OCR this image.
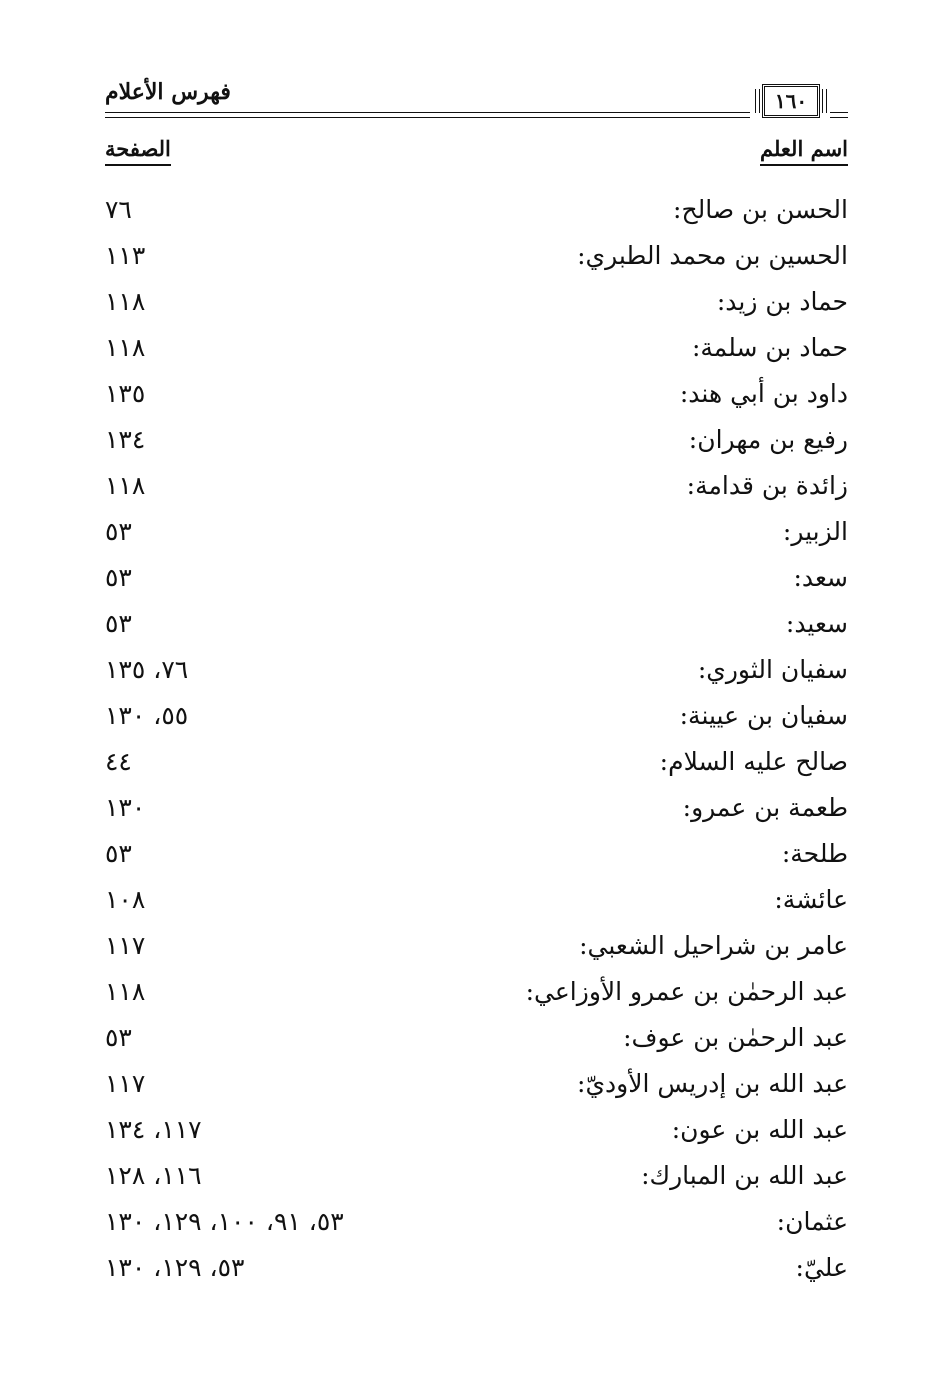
فهرس الأعلام	١٦٠
اسم العلم
الصفحة
الحسن بن صالح:
٧٦
الحسين بن محمد الطبري:
١١٣
حماد بن زيد:
١١٨
حماد بن سلمة:
١١٨
داود بن أبي هند:
١٣٥
رفيع بن مهران:
١٣٤
زائدة بن قدامة:
١١٨
الزبير:
٥٣
سعد:
٥٣
سعيد:
٥٣
سفيان الثوري:
٧٦، ١٣٥
سفيان بن عيينة:
٥٥، ١٣٠
صالح عليه السلام:
٤٤
طعمة بن عمرو:
١٣٠
طلحة:
٥٣
عائشة:
١٠٨
عامر بن شراحيل الشعبي:
١١٧
عبد الرحمٰن بن عمرو الأوزاعي:
١١٨
عبد الرحمٰن بن عوف:
٥٣
عبد الله بن إدريس الأوديّ:
١١٧
عبد الله بن عون:
١١٧، ١٣٤
عبد الله بن المبارك:
١١٦، ١٢٨
عثمان:
٥٣، ٩١، ١٠٠، ١٢٩، ١٣٠
عليّ:
٥٣، ١٢٩، ١٣٠
